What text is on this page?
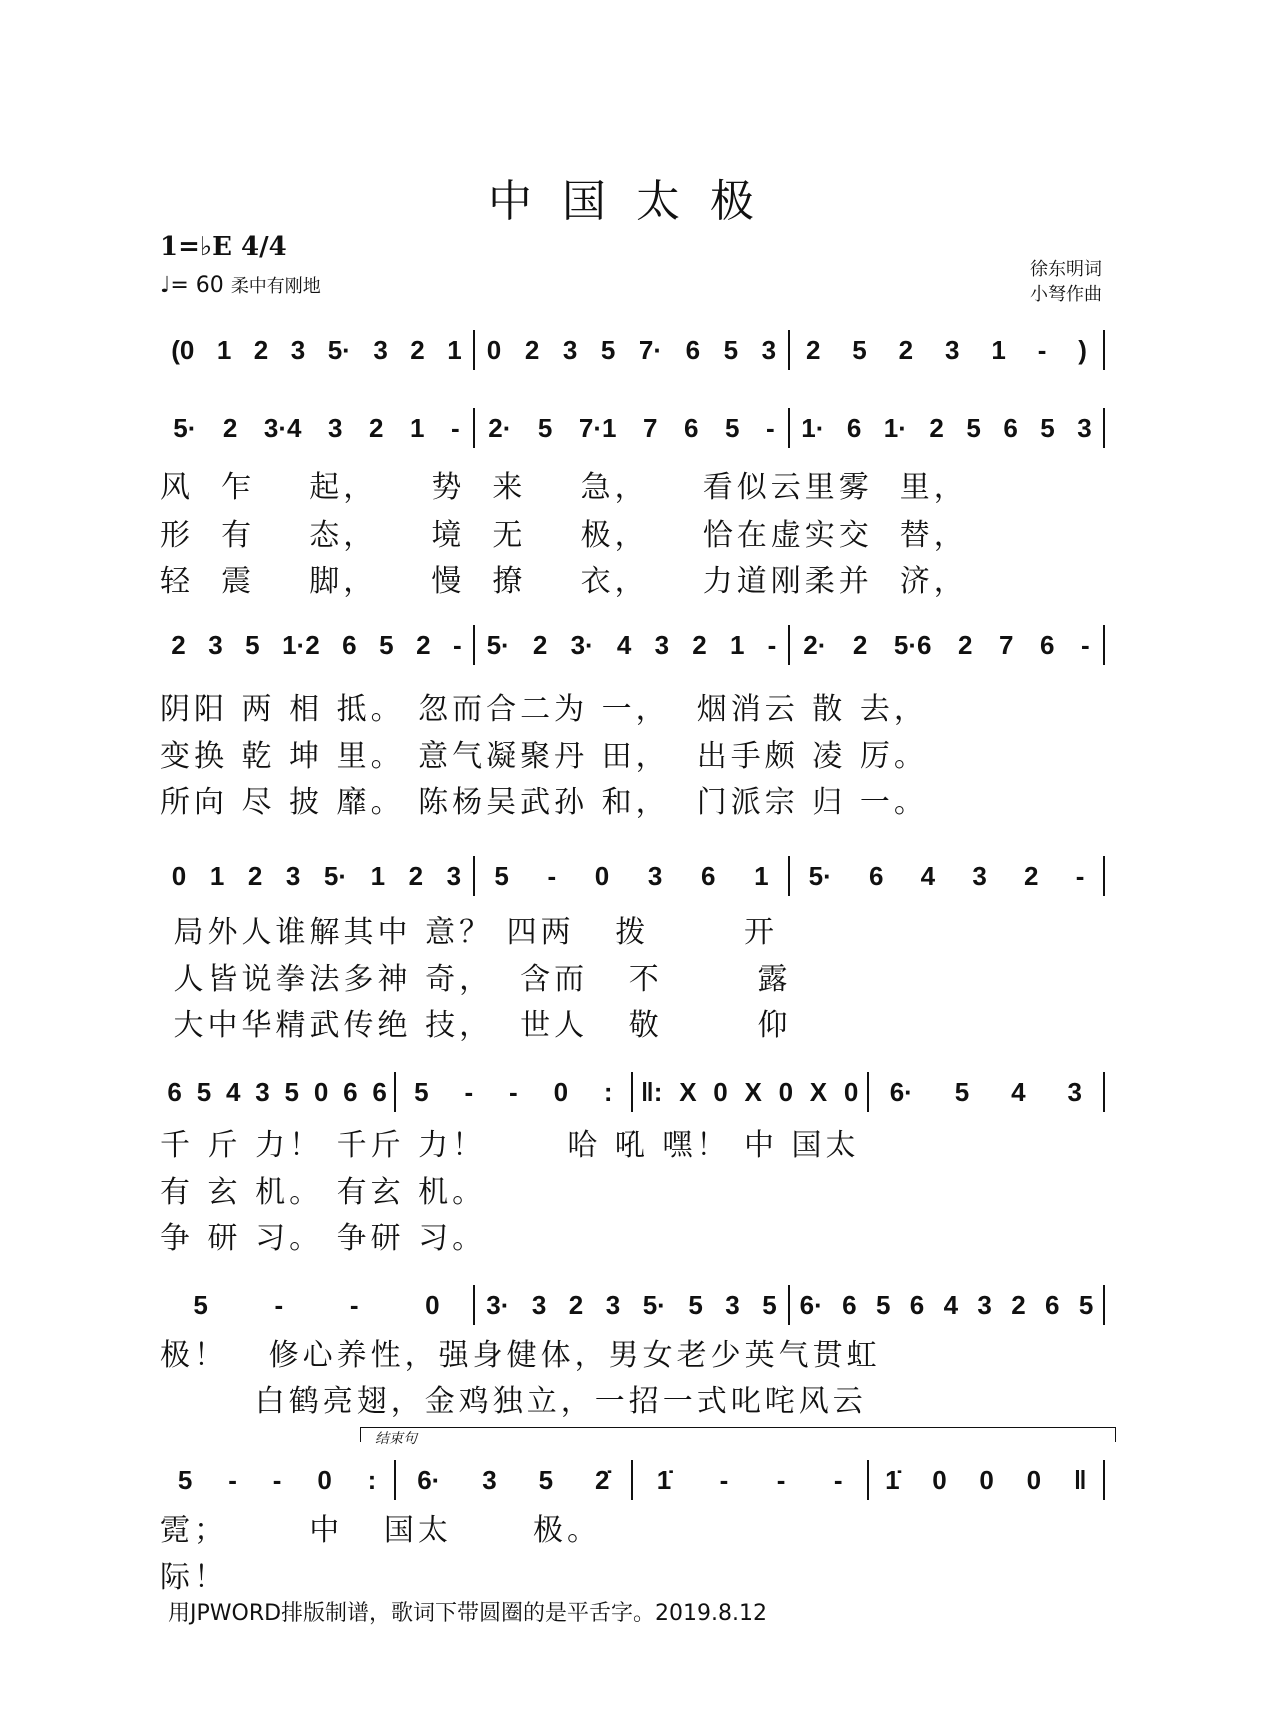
中国太极
1=♭E 4/4
♩= 60 柔中有刚地
徐东明词
小弩作曲
结束句
用JPWORD排版制谱，歌词下带圆圈的是平舌字。2019.8.12
(0 1 2 3 5· 3 2 1 0 2 3 5 7· 6 5 3 2 5 2 3 1 - )
5· 2 3·4 3 2 1 - 2· 5 7·1 7 6 5 - 1· 6 1· 2 5 6 5 3
风  乍    起，    势  来    急，    看似云里雾  里，
形  有    态，    境  无    极，    恰在虚实交  替，
轻  震    脚，    慢  撩    衣，    力道刚柔并  济，
2 3 5 1·2 6 5 2 - 5· 2 3· 4 3 2 1 - 2· 2 5·6 2 7 6 -
阴阳 两 相 抵。 忽而合二为 一，  烟消云 散 去，
变换 乾 坤 里。 意气凝聚丹 田，  出手颇 凌 厉。
所向 尽 披 靡。 陈杨吴武孙 和，  门派宗 归 一。
0 1 2 3 5· 1 2 3 5 - 0 3 6 1 5· 6 4 3 2 -
局外人谁解其中 意？ 四两   拨       开
人皆说拳法多神 奇，  含而   不       露
大中华精武传绝 技，  世人   敬       仰
6 5 4 3 5 0 6 6 5 - - 0 : ‖: X 0 X 0 X 0 6· 5 4 3
千 斤 力！ 千斤 力！      哈 吼 嘿！ 中 国太
有 玄 机。 有玄 机。
争 研 习。 争研 习。
5	-	-	0 3· 3 2 3 5· 5 3 5 6· 6 5 6 4 3 2 6 5
极！   修心养性，强身健体，男女老少英气贯虹
白鹤亮翅，金鸡独立，一招一式叱咤风云
5 - - 0 : 6· 3 5 2̇ 1̇ - - - 1̇ 0 0 0 ‖
霓；      中   国太      极。
际！
